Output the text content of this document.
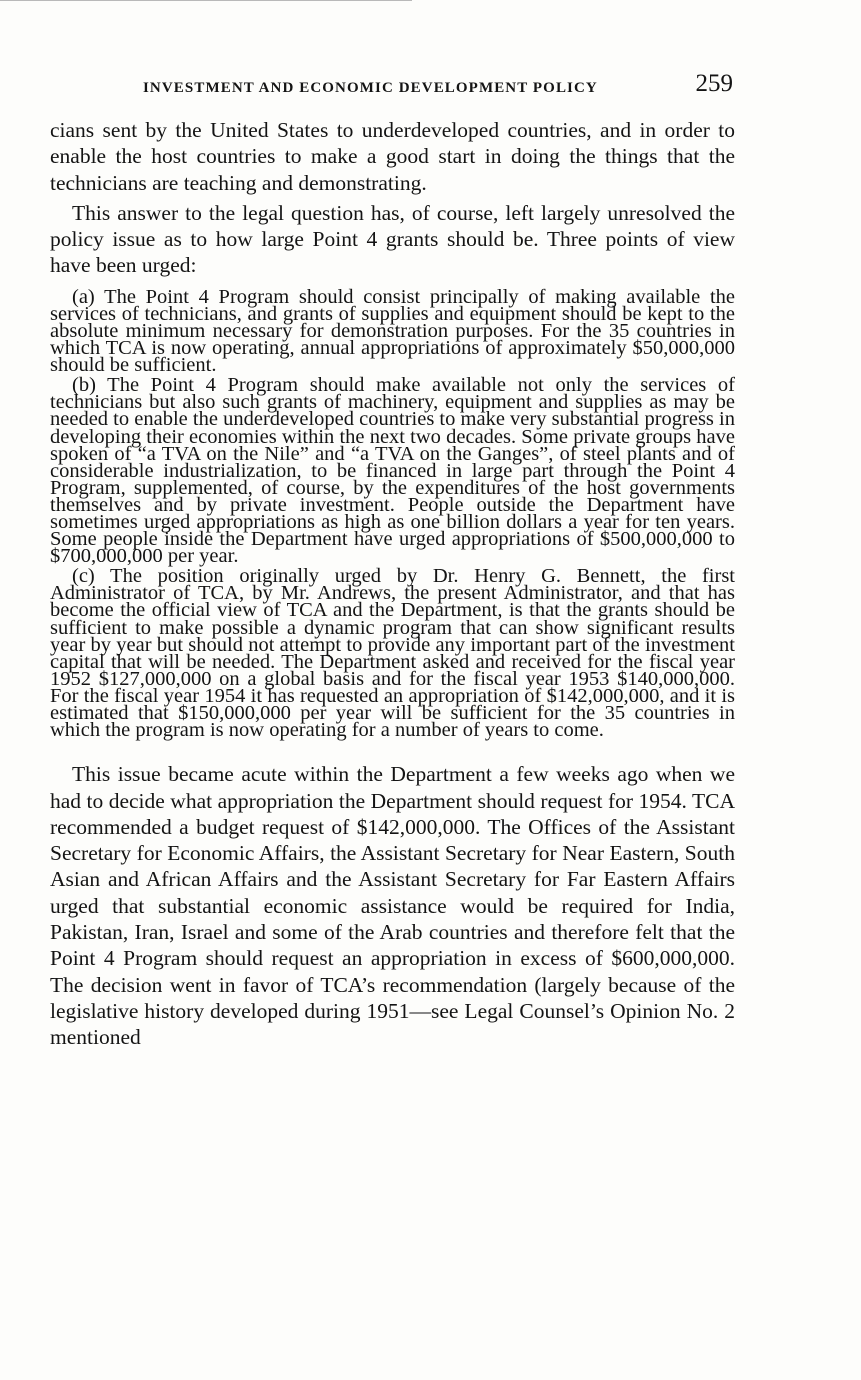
INVESTMENT AND ECONOMIC DEVELOPMENT POLICY	259

cians sent by the United States to underdeveloped countries, and in order to enable the host countries to make a good start in doing the things that the technicians are teaching and demonstrating.

This answer to the legal question has, of course, left largely unresolved the policy issue as to how large Point 4 grants should be. Three points of view have been urged:

(a) The Point 4 Program should consist principally of making available the services of technicians, and grants of supplies and equipment should be kept to the absolute minimum necessary for demonstration purposes. For the 35 countries in which TCA is now operating, annual appropriations of approximately $50,000,000 should be sufficient.

(b) The Point 4 Program should make available not only the services of technicians but also such grants of machinery, equipment and supplies as may be needed to enable the underdeveloped countries to make very substantial progress in developing their economies within the next two decades. Some private groups have spoken of “a TVA on the Nile” and “a TVA on the Ganges”, of steel plants and of considerable industrialization, to be financed in large part through the Point 4 Program, supplemented, of course, by the expenditures of the host governments themselves and by private investment. People outside the Department have sometimes urged appropriations as high as one billion dollars a year for ten years. Some people inside the Department have urged appropriations of $500,000,000 to $700,000,000 per year.

(c) The position originally urged by Dr. Henry G. Bennett, the first Administrator of TCA, by Mr. Andrews, the present Administrator, and that has become the official view of TCA and the Department, is that the grants should be sufficient to make possible a dynamic program that can show significant results year by year but should not attempt to provide any important part of the investment capital that will be needed. The Department asked and received for the fiscal year 1952 $127,000,000 on a global basis and for the fiscal year 1953 $140,000,000. For the fiscal year 1954 it has requested an appropriation of $142,000,000, and it is estimated that $150,000,000 per year will be sufficient for the 35 countries in which the program is now operating for a number of years to come.

This issue became acute within the Department a few weeks ago when we had to decide what appropriation the Department should request for 1954. TCA recommended a budget request of $142,000,000. The Offices of the Assistant Secretary for Economic Affairs, the Assistant Secretary for Near Eastern, South Asian and African Affairs and the Assistant Secretary for Far Eastern Affairs urged that substantial economic assistance would be required for India, Pakistan, Iran, Israel and some of the Arab countries and therefore felt that the Point 4 Program should request an appropriation in excess of $600,000,000. The decision went in favor of TCA’s recommendation (largely because of the legislative history developed during 1951—see Legal Counsel’s Opinion No. 2 mentioned
